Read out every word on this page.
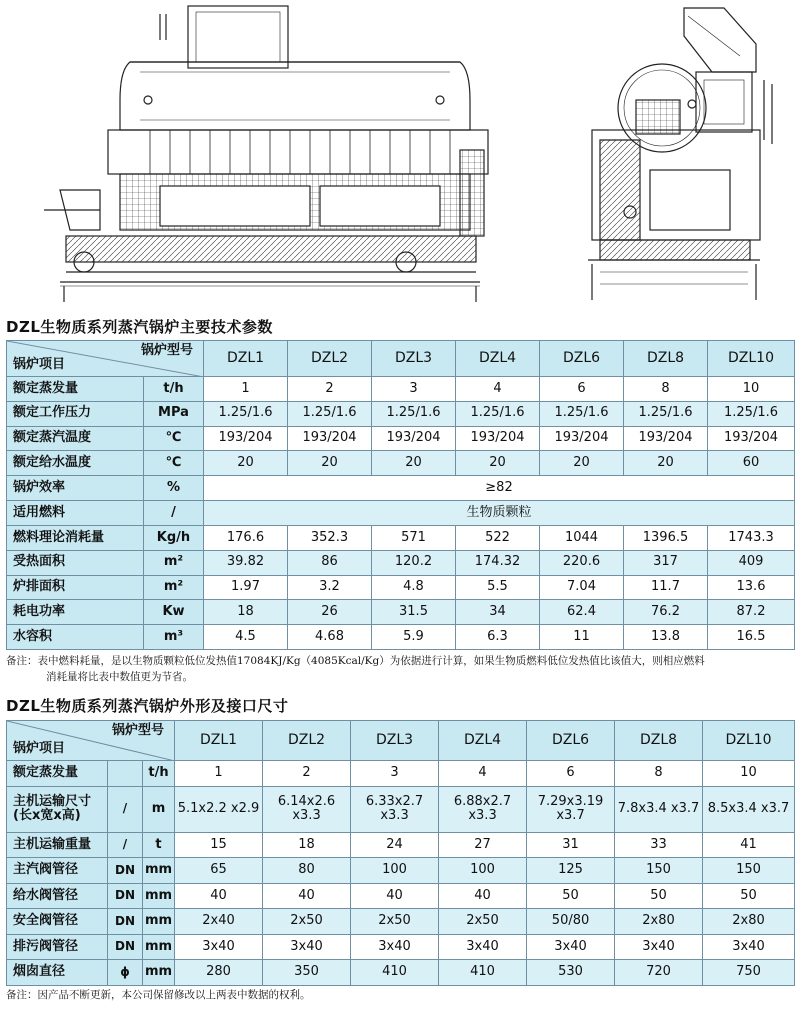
DZL生物质系列蒸汽锅炉主要技术参数
锅炉型号
锅炉项目		DZL1	DZL2	DZL3	DZL4	DZL6	DZL8	DZL10
额定蒸发量	t/h	1	2	3	4	6	8	10
额定工作压力	MPa	1.25/1.6	1.25/1.6	1.25/1.6	1.25/1.6	1.25/1.6	1.25/1.6	1.25/1.6
额定蒸汽温度	℃	193/204	193/204	193/204	193/204	193/204	193/204	193/204
额定给水温度	℃	20	20	20	20	20	20	60
锅炉效率	%	≥82						
适用燃料	/	生物质颗粒						
燃料理论消耗量	Kg/h	176.6	352.3	571	522	1044	1396.5	1743.3
受热面积	m²	39.82	86	120.2	174.32	220.6	317	409
炉排面积	m²	1.97	3.2	4.8	5.5	7.04	11.7	13.6
耗电功率	Kw	18	26	31.5	34	62.4	76.2	87.2
水容积	m³	4.5	4.68	5.9	6.3	11	13.8	16.5
备注：表中燃料耗量，是以生物质颗粒低位发热值17084KJ/Kg（4085Kcal/Kg）为依据进行计算，如果生物质燃料低位发热值比该值大，则相应燃料
消耗量将比表中数值更为节省。
DZL生物质系列蒸汽锅炉外形及接口尺寸
锅炉型号
锅炉项目			DZL1	DZL2	DZL3	DZL4	DZL6	DZL8	DZL10
额定蒸发量		t/h	1	2	3	4	6	8	10
主机运输尺寸(长x宽x高)	/	m	5.1x2.2 x2.9	6.14x2.6 x3.3	6.33x2.7 x3.3	6.88x2.7 x3.3	7.29x3.19 x3.7	7.8x3.4 x3.7	8.5x3.4 x3.7
主机运输重量	/	t	15	18	24	27	31	33	41
主汽阀管径	DN	mm	65	80	100	100	125	150	150
给水阀管径	DN	mm	40	40	40	40	50	50	50
安全阀管径	DN	mm	2x40	2x50	2x50	2x50	50/80	2x80	2x80
排污阀管径	DN	mm	3x40	3x40	3x40	3x40	3x40	3x40	3x40
烟囱直径	ϕ	mm	280	350	410	410	530	720	750
备注：因产品不断更新，本公司保留修改以上两表中数据的权利。
